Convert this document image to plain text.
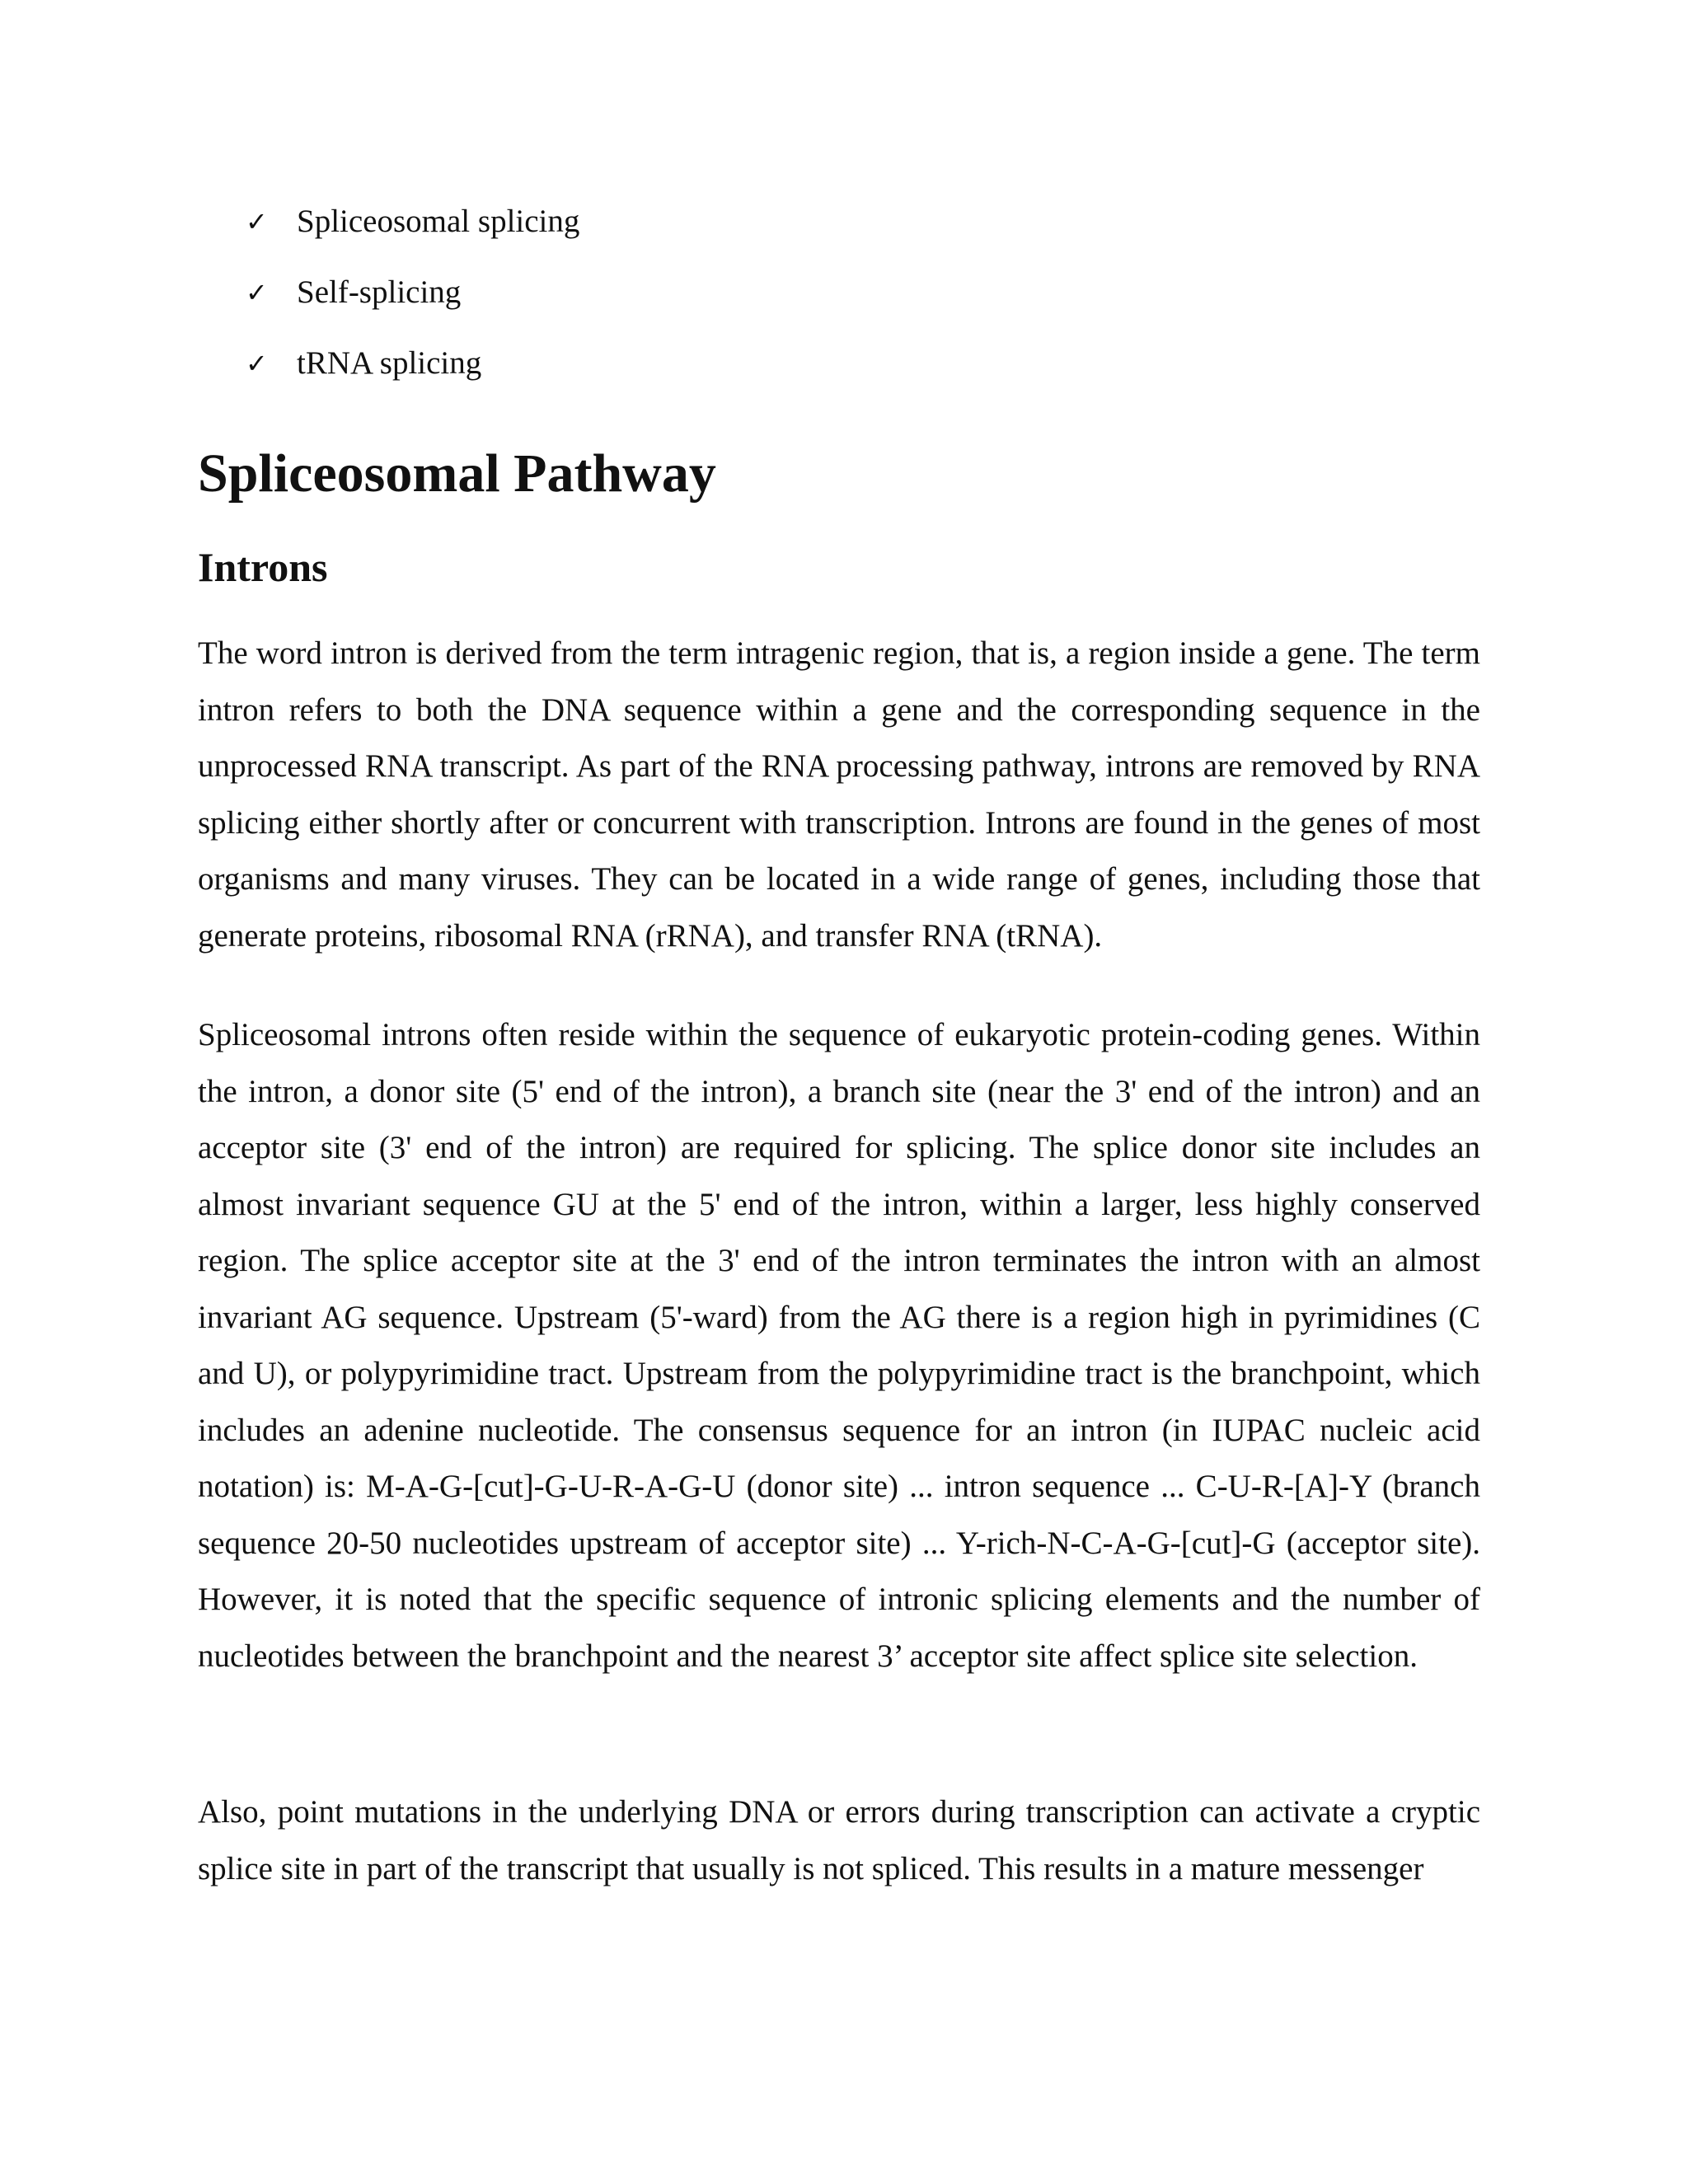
✓ Spliceosomal splicing
✓ Self-splicing
✓ tRNA splicing
Spliceosomal Pathway
Introns

The word intron is derived from the term intragenic region, that is, a region inside a gene. The term intron refers to both the DNA sequence within a gene and the corresponding sequence in the unprocessed RNA transcript. As part of the RNA processing pathway, introns are removed by RNA splicing either shortly after or concurrent with transcription. Introns are found in the genes of most organisms and many viruses. They can be located in a wide range of genes, including those that generate proteins, ribosomal RNA (rRNA), and transfer RNA (tRNA).

Spliceosomal introns often reside within the sequence of eukaryotic protein-coding genes. Within the intron, a donor site (5' end of the intron), a branch site (near the 3' end of the intron) and an acceptor site (3' end of the intron) are required for splicing. The splice donor site includes an almost invariant sequence GU at the 5' end of the intron, within a larger, less highly conserved region. The splice acceptor site at the 3' end of the intron terminates the intron with an almost invariant AG sequence. Upstream (5'-ward) from the AG there is a region high in pyrimidines (C and U), or polypyrimidine tract. Upstream from the polypyrimidine tract is the branchpoint, which includes an adenine nucleotide. The consensus sequence for an intron (in IUPAC nucleic acid notation) is: M-A-G-[cut]-G-U-R-A-G-U (donor site) ... intron sequence ... C-U-R-[A]-Y (branch sequence 20-50 nucleotides upstream of acceptor site) ... Y-rich-N-C-A-G-[cut]-G (acceptor site). However, it is noted that the specific sequence of intronic splicing elements and the number of nucleotides between the branchpoint and the nearest 3’ acceptor site affect splice site selection.

Also, point mutations in the underlying DNA or errors during transcription can activate a cryptic splice site in part of the transcript that usually is not spliced. This results in a mature messenger
